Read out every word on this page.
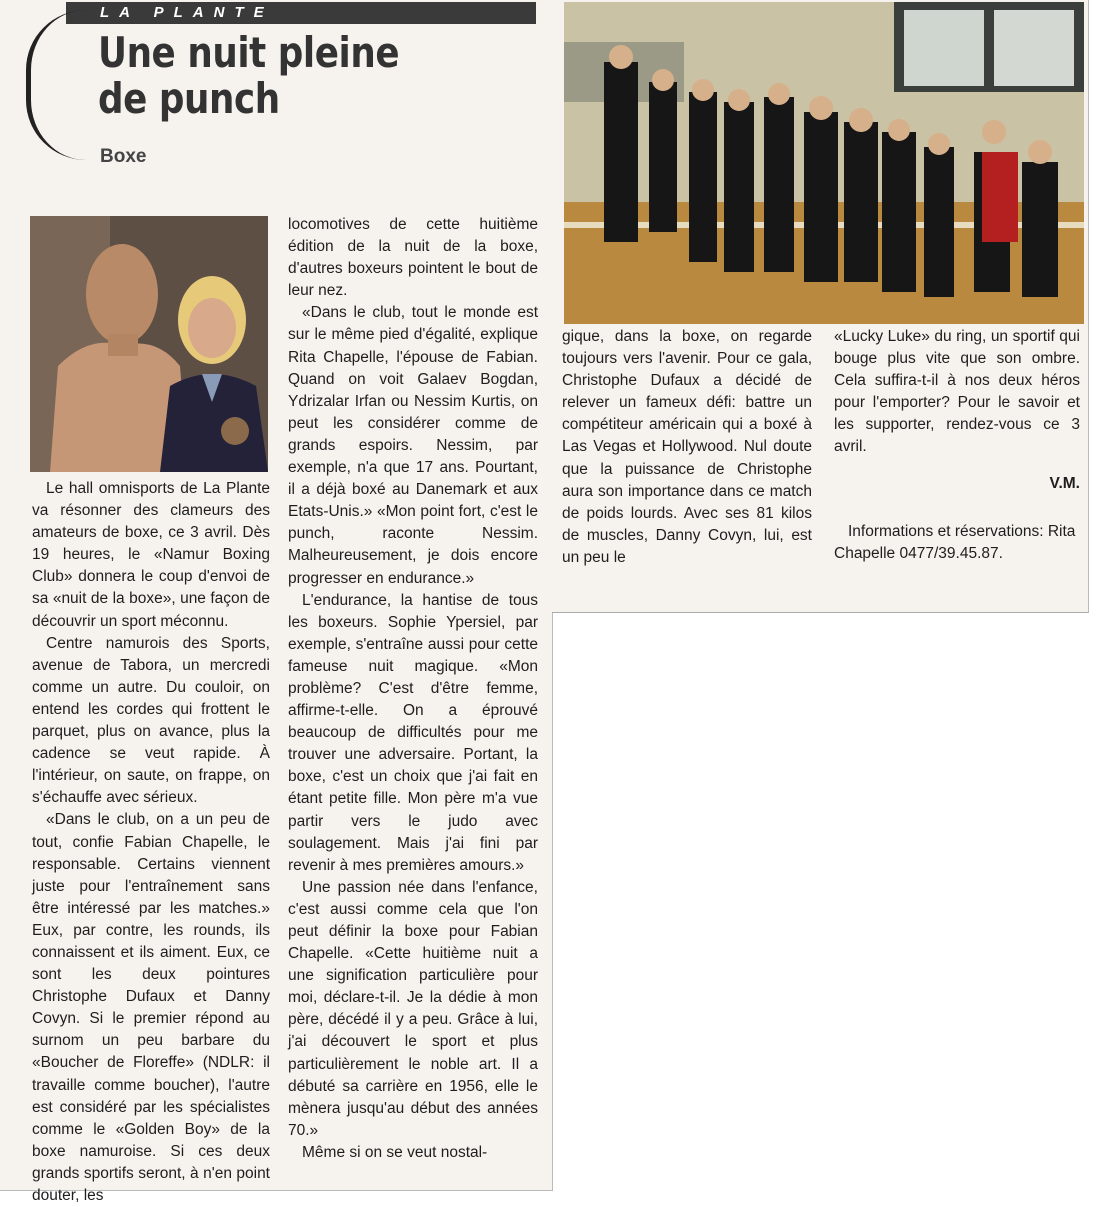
LA PLANTE
Une nuit pleine
de punch
Boxe

Le hall omnisports de La Plante va résonner des clameurs des amateurs de boxe, ce 3 avril. Dès 19 heures, le «Namur Boxing Club» donnera le coup d'envoi de sa «nuit de la boxe», une façon de découvrir un sport méconnu.

Centre namurois des Sports, avenue de Tabora, un mercredi comme un autre. Du couloir, on entend les cordes qui frottent le parquet, plus on avance, plus la cadence se veut rapide. À l'intérieur, on saute, on frappe, on s'échauffe avec sérieux.

«Dans le club, on a un peu de tout, confie Fabian Chapelle, le responsable. Certains viennent juste pour l'entraînement sans être intéressé par les matches.» Eux, par contre, les rounds, ils connaissent et ils aiment. Eux, ce sont les deux pointures Christophe Dufaux et Danny Covyn. Si le premier répond au surnom un peu barbare du «Boucher de Floreffe» (NDLR: il travaille comme boucher), l'autre est considéré par les spécialistes comme le «Golden Boy» de la boxe namuroise. Si ces deux grands sportifs seront, à n'en point douter, les

locomotives de cette huitième édition de la nuit de la boxe, d'autres boxeurs pointent le bout de leur nez.

«Dans le club, tout le monde est sur le même pied d'égalité, explique Rita Chapelle, l'épouse de Fabian. Quand on voit Galaev Bogdan, Ydrizalar Irfan ou Nessim Kurtis, on peut les considérer comme de grands espoirs. Nessim, par exemple, n'a que 17 ans. Pourtant, il a déjà boxé au Danemark et aux Etats-Unis.» «Mon point fort, c'est le punch, raconte Nessim. Malheureusement, je dois encore progresser en endurance.»

L'endurance, la hantise de tous les boxeurs. Sophie Ypersiel, par exemple, s'entraîne aussi pour cette fameuse nuit magique. «Mon problème? C'est d'être femme, affirme-t-elle. On a éprouvé beaucoup de difficultés pour me trouver une adversaire. Portant, la boxe, c'est un choix que j'ai fait en étant petite fille. Mon père m'a vue partir vers le judo avec soulagement. Mais j'ai fini par revenir à mes premières amours.»

Une passion née dans l'enfance, c'est aussi comme cela que l'on peut définir la boxe pour Fabian Chapelle. «Cette huitième nuit a une signification particulière pour moi, déclare-t-il. Je la dédie à mon père, décédé il y a peu. Grâce à lui, j'ai découvert le sport et plus particulièrement le noble art. Il a débuté sa carrière en 1956, elle le mènera jusqu'au début des années 70.»

Même si on se veut nostal-

gique, dans la boxe, on regarde toujours vers l'avenir. Pour ce gala, Christophe Dufaux a décidé de relever un fameux défi: battre un compétiteur américain qui a boxé à Las Vegas et Hollywood. Nul doute que la puissance de Christophe aura son importance dans ce match de poids lourds. Avec ses 81 kilos de muscles, Danny Covyn, lui, est un peu le

«Lucky Luke» du ring, un sportif qui bouge plus vite que son ombre. Cela suffira-t-il à nos deux héros pour l'emporter? Pour le savoir et les supporter, rendez-vous ce 3 avril.

V.M.
Informations et réservations: Rita Chapelle 0477/39.45.87.
